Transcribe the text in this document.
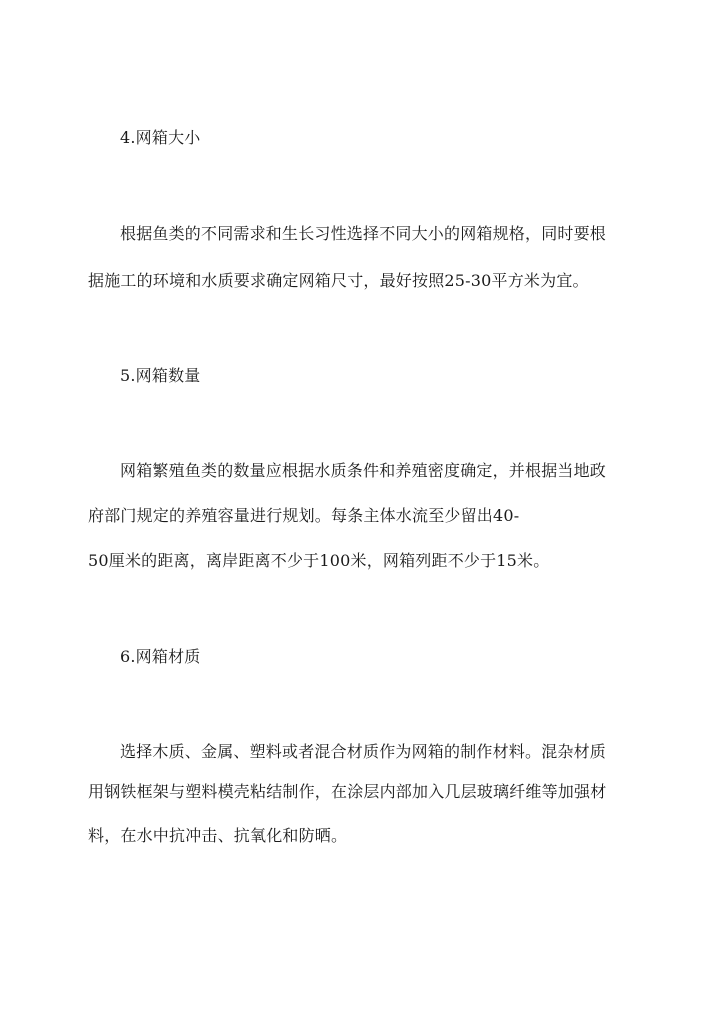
4.网箱大小
根据鱼类的不同需求和生长习性选择不同大小的网箱规格，同时要根
据施工的环境和水质要求确定网箱尺寸，最好按照25-30平方米为宜。
5.网箱数量
网箱繁殖鱼类的数量应根据水质条件和养殖密度确定，并根据当地政
府部门规定的养殖容量进行规划。每条主体水流至少留出40-
50厘米的距离，离岸距离不少于100米，网箱列距不少于15米。
6.网箱材质
选择木质、金属、塑料或者混合材质作为网箱的制作材料。混杂材质
用钢铁框架与塑料模壳粘结制作，在涂层内部加入几层玻璃纤维等加强材
料，在水中抗冲击、抗氧化和防晒。
